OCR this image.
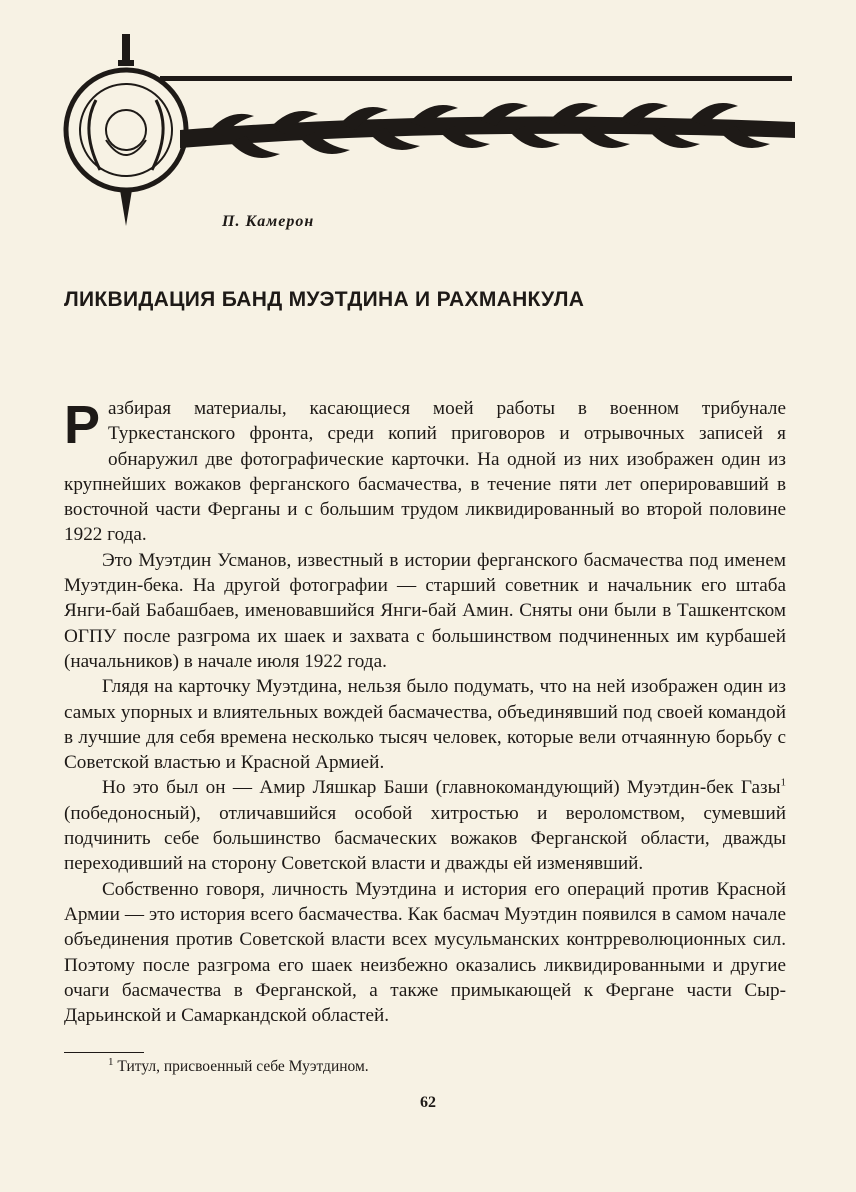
П. Камерон
ЛИКВИДАЦИЯ БАНД МУЭТДИНА И РАХМАНКУЛА

Разбирая материалы, касающиеся моей работы в военном трибунале Туркестанского фронта, среди копий приговоров и отрывочных записей я обнаружил две фотографические карточки. На одной из них изображен один из крупнейших вожаков ферганского басмачества, в течение пяти лет оперировавший в восточной части Ферганы и с большим трудом ликвидированный во второй половине 1922 года.

Это Муэтдин Усманов, известный в истории ферганского басмачества под именем Муэтдин-бека. На другой фотографии — старший советник и начальник его штаба Янги-бай Бабашбаев, именовавшийся Янги-бай Амин. Сняты они были в Ташкентском ОГПУ после разгрома их шаек и захвата с большинством подчиненных им курбашей (начальников) в начале июля 1922 года.

Глядя на карточку Муэтдина, нельзя было подумать, что на ней изображен один из самых упорных и влиятельных вождей басмачества, объединявший под своей командой в лучшие для себя времена несколько тысяч человек, которые вели отчаянную борьбу с Советской властью и Красной Армией.

Но это был он — Амир Ляшкар Баши (главнокомандующий) Муэтдин-бек Газы$^1$ (победоносный), отличавшийся особой хитростью и вероломством, сумевший подчинить себе большинство басмаческих вожаков Ферганской области, дважды переходивший на сторону Советской власти и дважды ей изменявший.

Собственно говоря, личность Муэтдина и история его операций против Красной Армии — это история всего басмачества. Как басмач Муэтдин появился в самом начале объединения против Советской власти всех мусульманских контрреволюционных сил. Поэтому после разгрома его шаек неизбежно оказались ликвидированными и другие очаги басмачества в Ферганской, а также примыкающей к Фергане части Сыр-Дарьинской и Самаркандской областей.

$^1$ Титул, присвоенный себе Муэтдином.
62
